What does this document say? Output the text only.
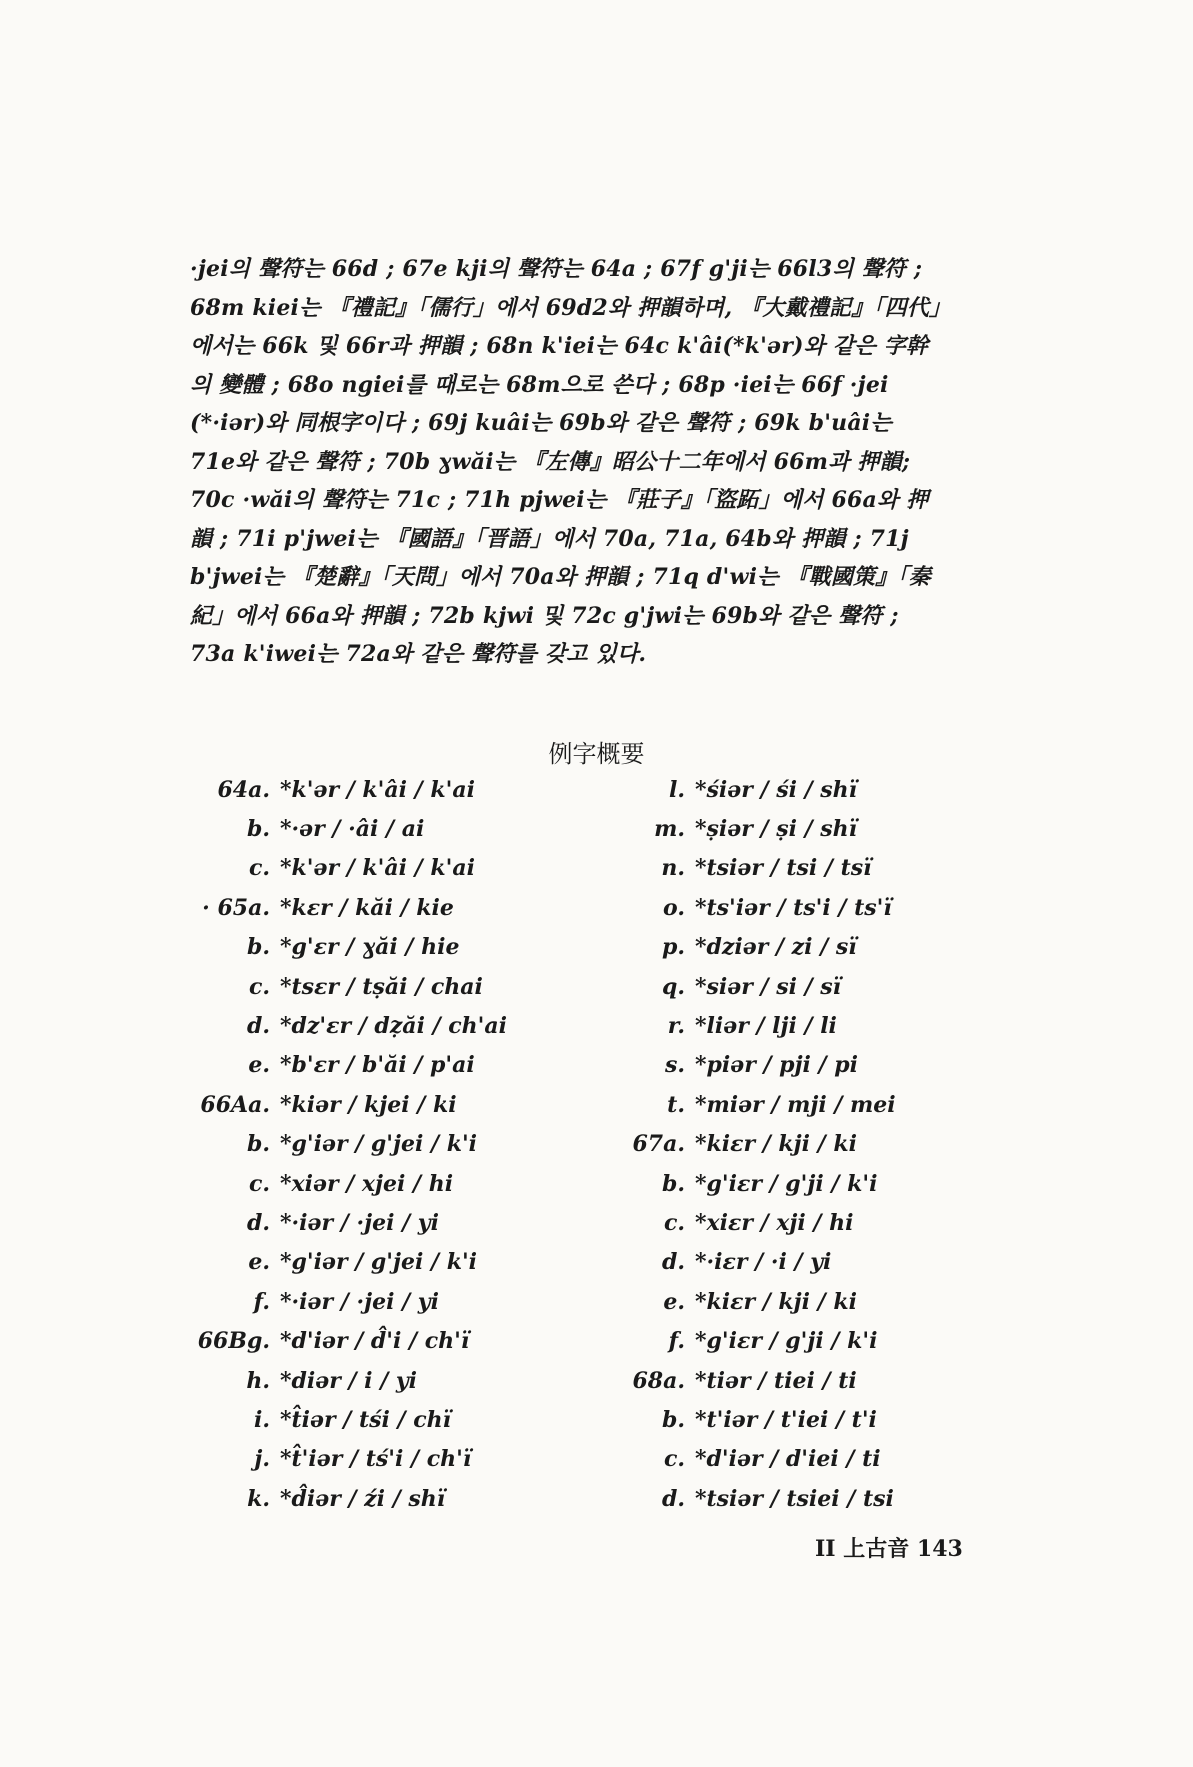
·jei의 聲符는 66d ; 67e kji의 聲符는 64a ; 67f g'ji는 66l3의 聲符 ;
68m kiei는 『禮記』「儒行」에서 69d2와 押韻하며, 『大戴禮記』「四代」
에서는 66k 및 66r과 押韻 ; 68n k'iei는 64c k'âi(*k'ər)와 같은 字幹
의 變體 ; 68o ngiei를 때로는 68m으로 쓴다 ; 68p ·iei는 66f ·jei
(*·iər)와 同根字이다 ; 69j kuâi는 69b와 같은 聲符 ; 69k b'uâi는
71e와 같은 聲符 ; 70b ɣwăi는 『左傳』昭公十二年에서 66m과 押韻;
70c ·wăi의 聲符는 71c ; 71h pjwei는 『莊子』「盜跖」에서 66a와 押
韻 ; 71i p'jwei는 『國語』「晋語」에서 70a, 71a, 64b와 押韻 ; 71j
b'jwei는 『楚辭』「天問」에서 70a와 押韻 ; 71q d'wi는 『戰國策』「秦
紀」에서 66a와 押韻 ; 72b kjwi 및 72c g'jwi는 69b와 같은 聲符 ;
73a k'iwei는 72a와 같은 聲符를 갖고 있다.
例字概要
64a. *k'ər / k'âi / k'ai
b. *·ər / ·âi / ai
c. *k'ər / k'âi / k'ai
· 65a. *kɛr / kăi / kie
b. *g'ɛr / ɣăi / hie
c. *tsɛr / tṣăi / chai
d. *dz'ɛr / dẓăi / ch'ai
e. *b'ɛr / b'ăi / p'ai
66Aa. *kiər / kjei / ki
b. *g'iər / g'jei / k'i
c. *xiər / xjei / hi
d. *·iər / ·jei / yi
e. *g'iər / g'jei / k'i
f. *·iər / ·jei / yi
66Bg. *d'iər / d̂'i / ch'ï
h. *diər / i / yi
i. *t̂iər / tśi / chï
j. *t̂'iər / tś'i / ch'ï
k. *d̂iər / źi / shï
l. *śiər / śi / shï
m. *ṣiər / ṣi / shï
n. *tsiər / tsi / tsï
o. *ts'iər / ts'i / ts'ï
p. *dziər / zi / sï
q. *siər / si / sï
r. *liər / lji / li
s. *piər / pji / pi
t. *miər / mji / mei
67a. *kiɛr / kji / ki
b. *g'iɛr / g'ji / k'i
c. *xiɛr / xji / hi
d. *·iɛr / ·i / yi
e. *kiɛr / kji / ki
f. *g'iɛr / g'ji / k'i
68a. *tiər / tiei / ti
b. *t'iər / t'iei / t'i
c. *d'iər / d'iei / ti
d. *tsiər / tsiei / tsi
II 上古音 143
